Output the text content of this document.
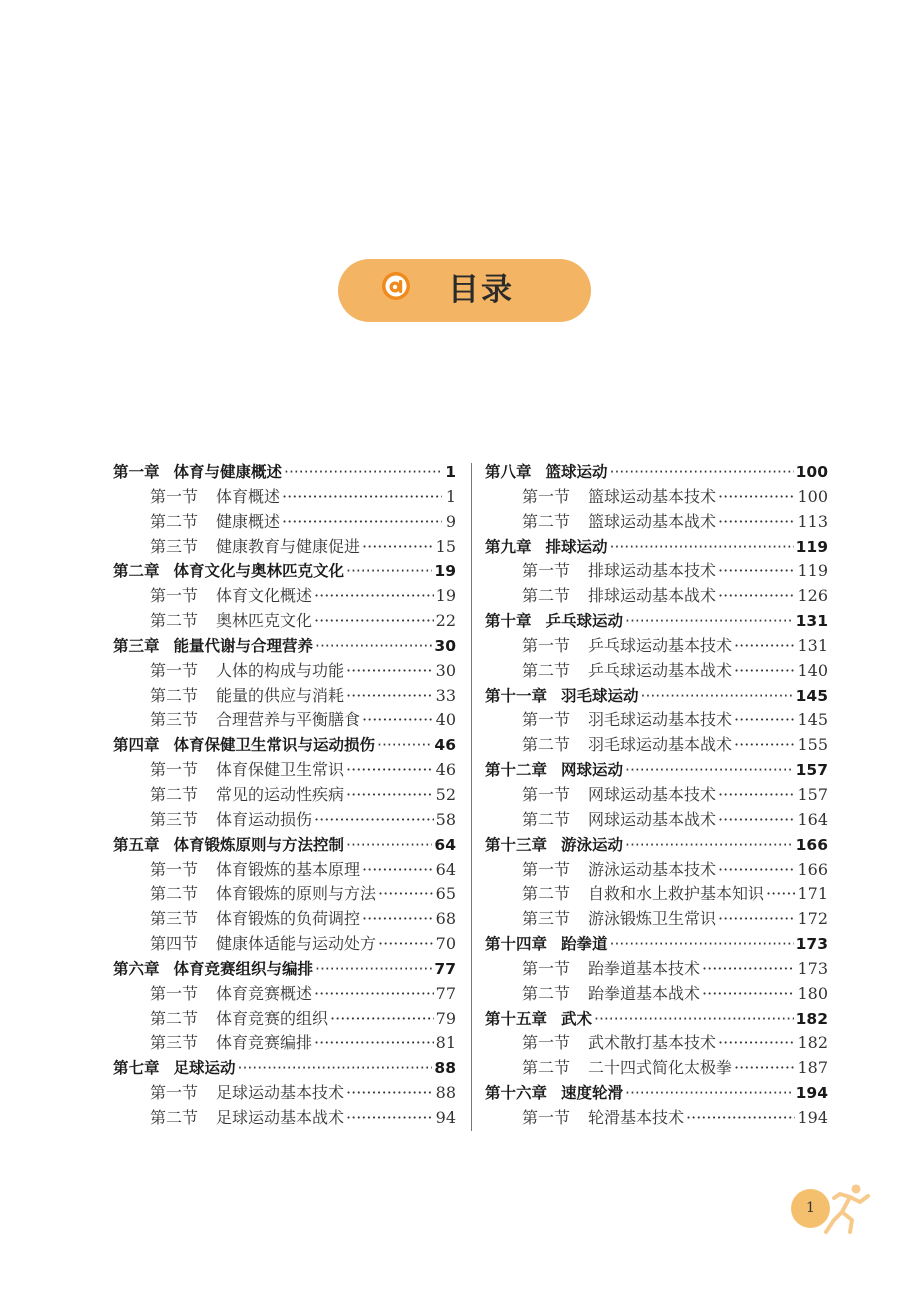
目录
第一章 体育与健康概述 ·····	1
第一节	体育概述 ·····	1
第二节	健康概述 ·····	9
第三节	健康教育与健康促进 ·····	15
第二章 体育文化与奥林匹克文化 ·····	19
第一节	体育文化概述 ·····	19
第二节	奥林匹克文化 ·····	22
第三章 能量代谢与合理营养 ·····	30
第一节	人体的构成与功能 ·····	30
第二节	能量的供应与消耗 ·····	33
第三节	合理营养与平衡膳食 ·····	40
第四章 体育保健卫生常识与运动损伤 ·····	46
第一节	体育保健卫生常识 ·····	46
第二节	常见的运动性疾病 ·····	52
第三节	体育运动损伤 ·····	58
第五章 体育锻炼原则与方法控制 ·····	64
第一节	体育锻炼的基本原理 ·····	64
第二节	体育锻炼的原则与方法 ·····	65
第三节	体育锻炼的负荷调控 ·····	68
第四节	健康体适能与运动处方 ·····	70
第六章 体育竞赛组织与编排 ·····	77
第一节	体育竞赛概述 ·····	77
第二节	体育竞赛的组织 ·····	79
第三节	体育竞赛编排 ·····	81
第七章 足球运动 ·····	88
第一节	足球运动基本技术 ·····	88
第二节	足球运动基本战术 ·····	94
第八章 篮球运动 ·····	100
第一节	篮球运动基本技术 ·····	100
第二节	篮球运动基本战术 ·····	113
第九章 排球运动 ·····	119
第一节	排球运动基本技术 ·····	119
第二节	排球运动基本战术 ·····	126
第十章 乒乓球运动 ·····	131
第一节	乒乓球运动基本技术 ·····	131
第二节	乒乓球运动基本战术 ·····	140
第十一章 羽毛球运动 ·····	145
第一节	羽毛球运动基本技术 ·····	145
第二节	羽毛球运动基本战术 ·····	155
第十二章 网球运动 ·····	157
第一节	网球运动基本技术 ·····	157
第二节	网球运动基本战术 ·····	164
第十三章 游泳运动 ·····	166
第一节	游泳运动基本技术 ·····	166
第二节	自救和水上救护基本知识 ····· 171
第三节	游泳锻炼卫生常识 ·····	172
第十四章 跆拳道 ·····	173
第一节	跆拳道基本技术 ·····	173
第二节	跆拳道基本战术 ·····	180
第十五章 武术 ·····	182
第一节	武术散打基本技术 ·····	182
第二节	二十四式简化太极拳 ·····	187
第十六章 速度轮滑 ·····	194
第一节	轮滑基本技术 ·····	194
1
